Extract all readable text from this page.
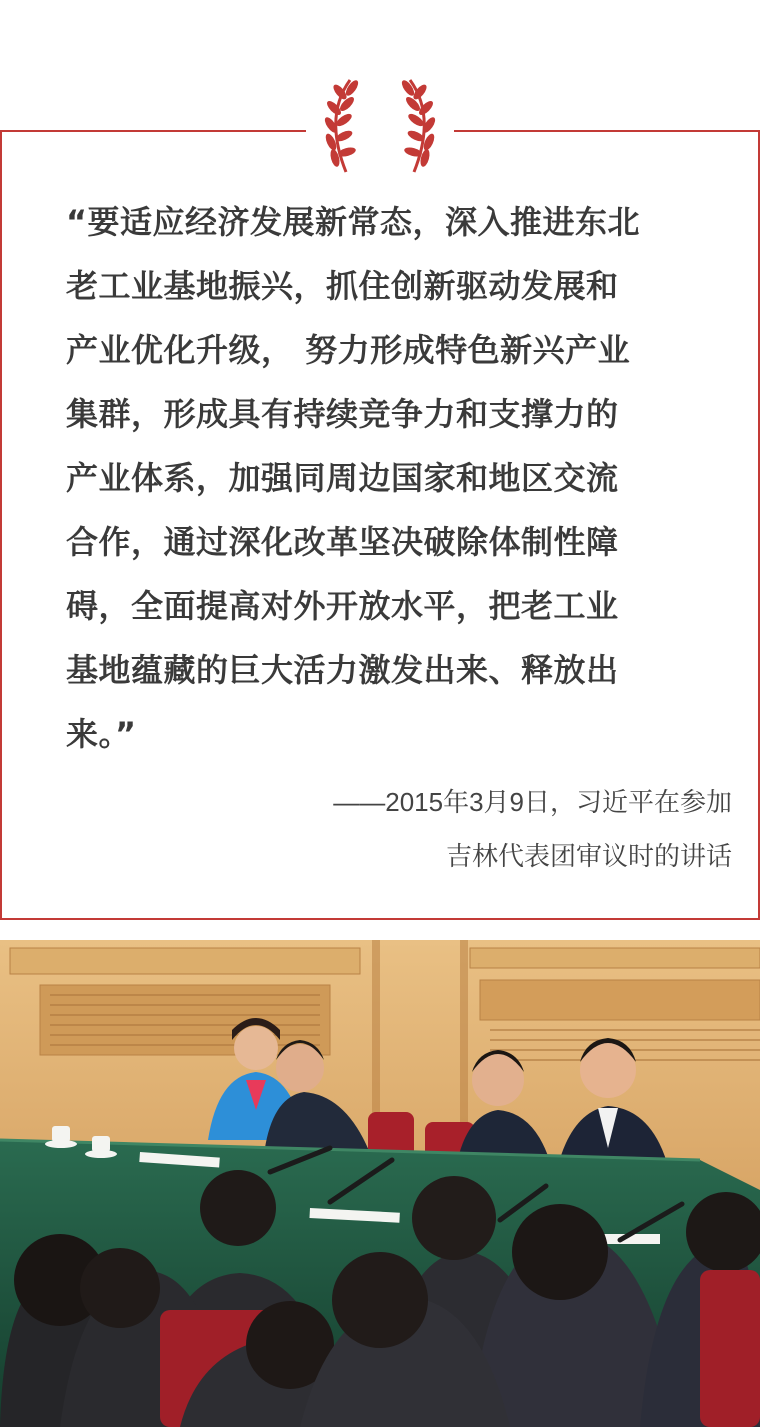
“要适应经济发展新常态，深入推进东北
老工业基地振兴，抓住创新驱动发展和
产业优化升级， 努力形成特色新兴产业
集群，形成具有持续竞争力和支撑力的
产业体系，加强同周边国家和地区交流
合作，通过深化改革坚决破除体制性障
碍，全面提高对外开放水平，把老工业
基地蕴藏的巨大活力激发出来、释放出
来。”
——2015年3月9日，习近平在参加
吉林代表团审议时的讲话
